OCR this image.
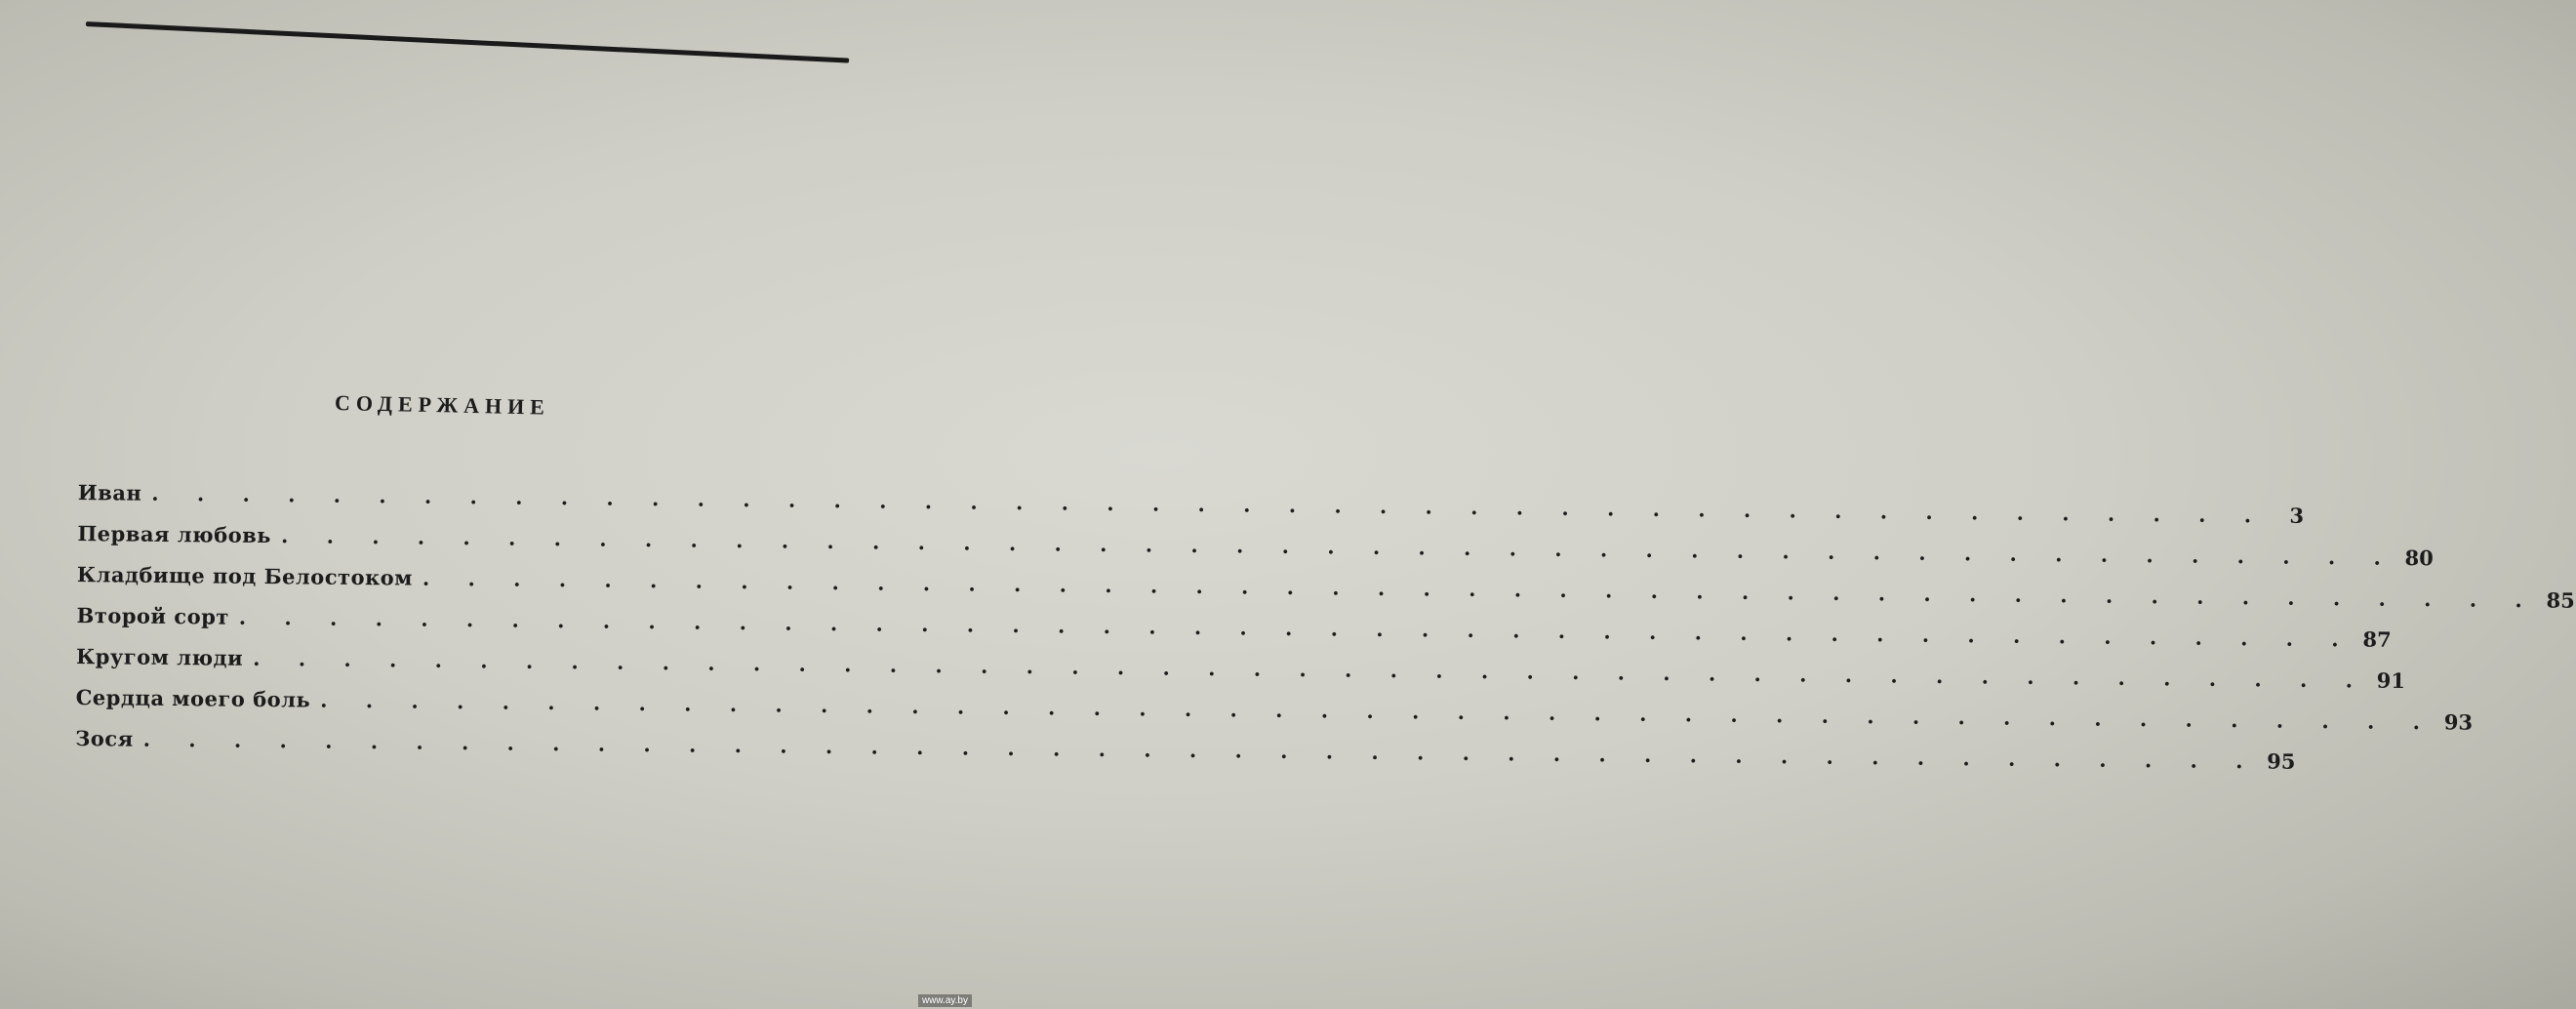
СОДЕРЖАНИЕ
Иван . . . . . . . . . . . . . . . . . . . . . . . . . . . . . . . . . . . . . . . . . . . . . . .	3
Первая любовь . . . . . . . . . . . . . . . . . . . . . . . . . . . . . . . . . . . . . . . . . . . . . . . 80
Кладбище под Белостоком . . . . . . . . . . . . . . . . . . . . . . . . . . . . . . . . . . . . . . . . . . . . . . . 85
Второй сорт . . . . . . . . . . . . . . . . . . . . . . . . . . . . . . . . . . . . . . . . . . . . . . . 87
Кругом люди . . . . . . . . . . . . . . . . . . . . . . . . . . . . . . . . . . . . . . . . . . . . . . . 91
Сердца моего боль . . . . . . . . . . . . . . . . . . . . . . . . . . . . . . . . . . . . . . . . . . . . . . . 93
Зося . . . . . . . . . . . . . . . . . . . . . . . . . . . . . . . . . . . . . . . . . . . . . . . 95
www.ay.by
